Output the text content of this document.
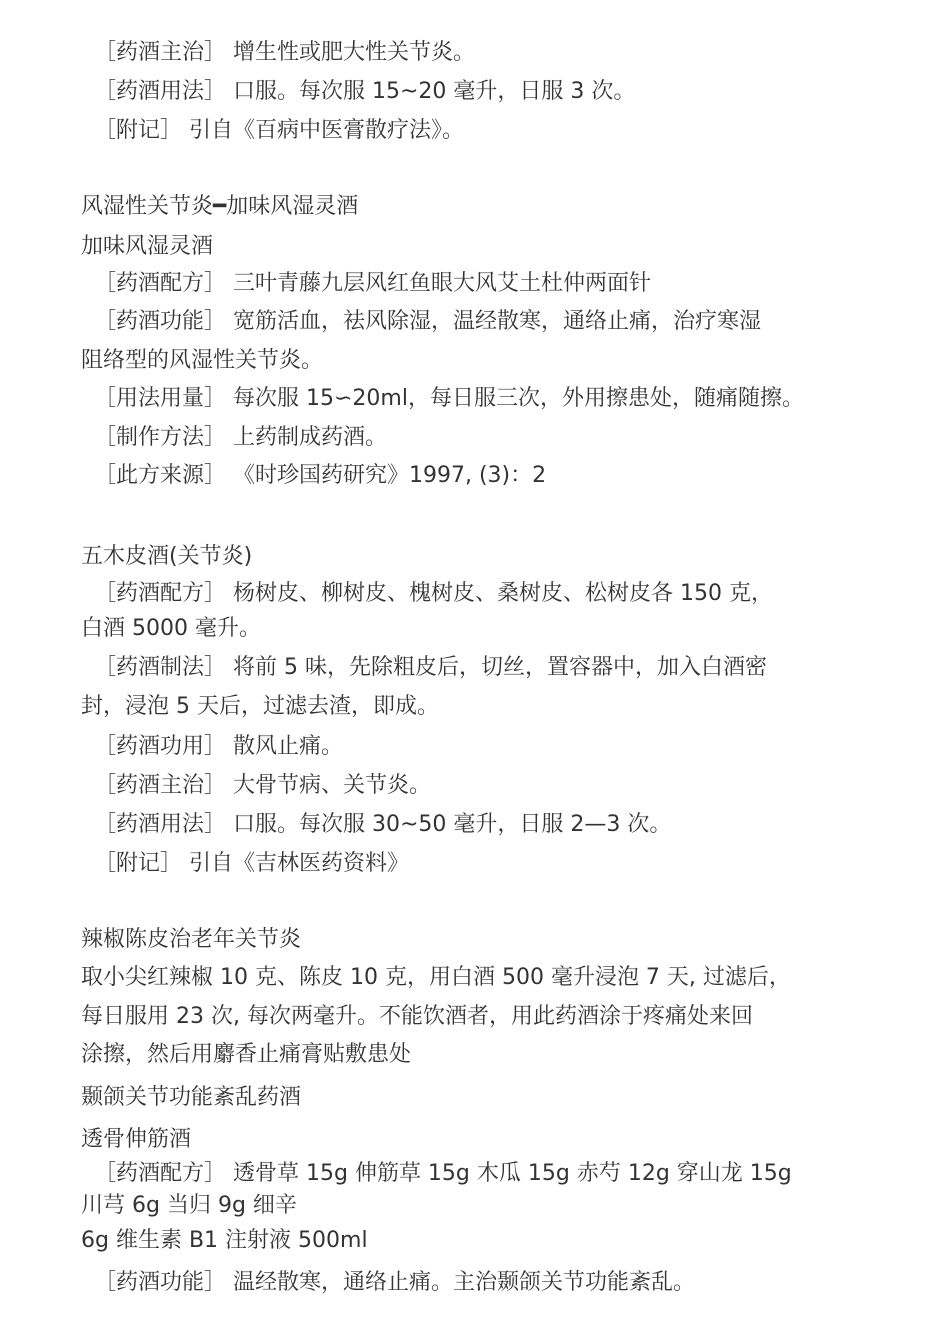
［药酒主治］ 增生性或肥大性关节炎。

［药酒用法］ 口服。每次服 15~20 毫升，日服 3 次。

［附记］ 引自《百病中医膏散疗法》。

风湿性关节炎━加味风湿灵酒

加味风湿灵酒

［药酒配方］ 三叶青藤九层风红鱼眼大风艾土杜仲两面针

［药酒功能］ 宽筋活血，祛风除湿，温经散寒，通络止痛，治疗寒湿

阻络型的风湿性关节炎。

［用法用量］ 每次服 15∽20ml，每日服三次，外用擦患处，随痛随擦。

［制作方法］ 上药制成药酒。

［此方来源］ 《时珍国药研究》1997, (3)：2

五木皮酒(关节炎)

［药酒配方］ 杨树皮、柳树皮、槐树皮、桑树皮、松树皮各 150 克，

白酒 5000 毫升。

［药酒制法］ 将前 5 味，先除粗皮后，切丝，置容器中，加入白酒密

封，浸泡 5 天后，过滤去渣，即成。

［药酒功用］ 散风止痛。

［药酒主治］ 大骨节病、关节炎。

［药酒用法］ 口服。每次服 30~50 毫升，日服 2—3 次。

［附记］ 引自《吉林医药资料》

辣椒陈皮治老年关节炎

取小尖红辣椒 10 克、陈皮 10 克，用白酒 500 毫升浸泡 7 天, 过滤后，

每日服用 23 次, 每次两毫升。不能饮酒者，用此药酒涂于疼痛处来回

涂擦，然后用麝香止痛膏贴敷患处

颞颌关节功能紊乱药酒

透骨伸筋酒

［药酒配方］ 透骨草 15g 伸筋草 15g 木瓜 15g 赤芍 12g 穿山龙 15g

川芎 6g 当归 9g 细辛

6g 维生素 B1 注射液 500ml

［药酒功能］ 温经散寒，通络止痛。主治颞颌关节功能紊乱。
